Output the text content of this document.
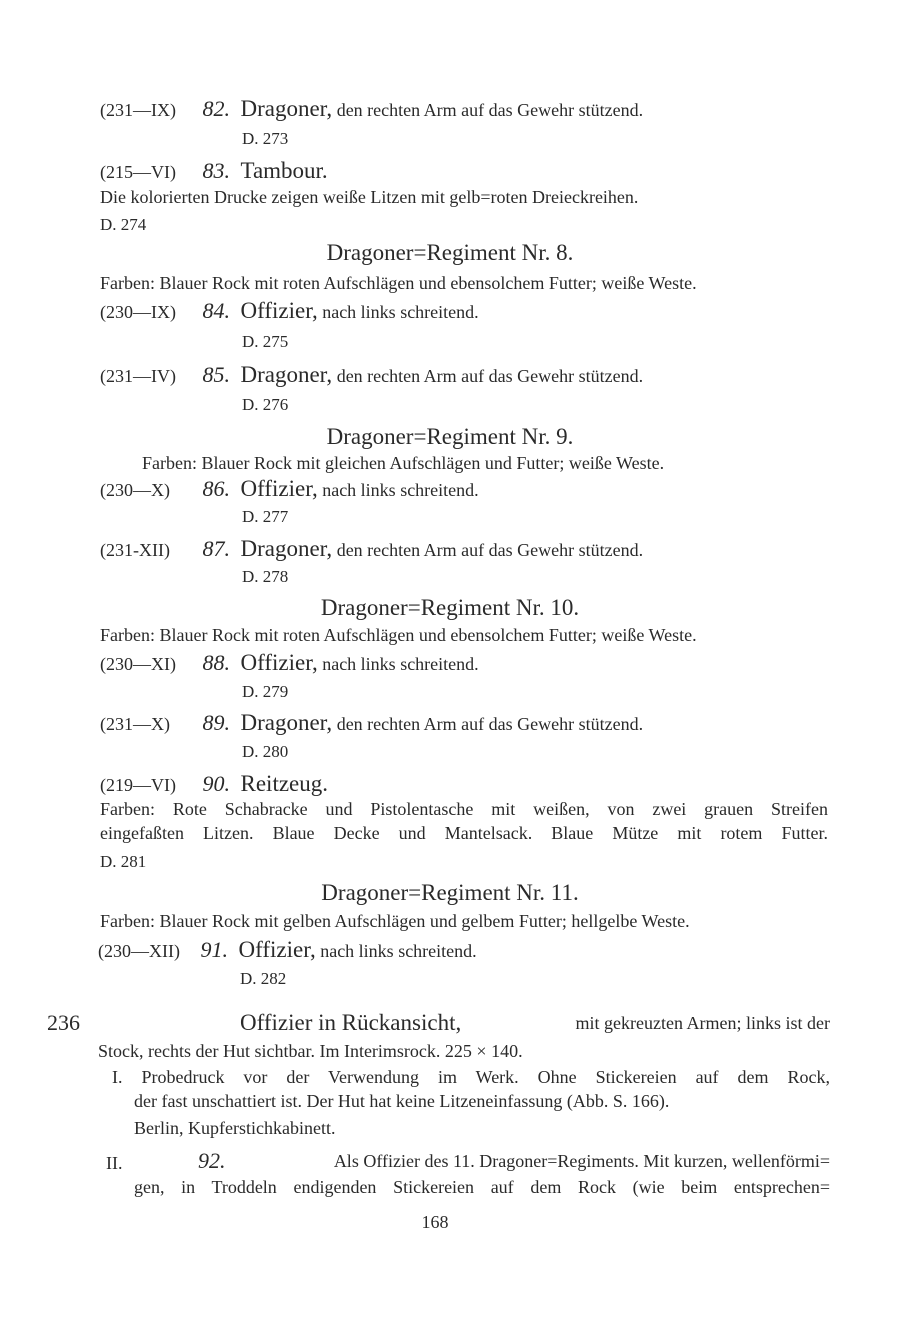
(231—IX) 82. Dragoner, den rechten Arm auf das Gewehr stützend.
D. 273
(215—VI) 83. Tambour.
Die kolorierten Drucke zeigen weiße Litzen mit gelb=roten Dreieckreihen.
D. 274
Dragoner=Regiment Nr. 8.
Farben: Blauer Rock mit roten Aufschlägen und ebensolchem Futter; weiße Weste.
(230—IX) 84. Offizier, nach links schreitend.
D. 275
(231—IV) 85. Dragoner, den rechten Arm auf das Gewehr stützend.
D. 276
Dragoner=Regiment Nr. 9.
Farben: Blauer Rock mit gleichen Aufschlägen und Futter; weiße Weste.
(230—X) 86. Offizier, nach links schreitend.
D. 277
(231-XII) 87. Dragoner, den rechten Arm auf das Gewehr stützend.
D. 278
Dragoner=Regiment Nr. 10.
Farben: Blauer Rock mit roten Aufschlägen und ebensolchem Futter; weiße Weste.
(230—XI) 88. Offizier, nach links schreitend.
D. 279
(231—X) 89. Dragoner, den rechten Arm auf das Gewehr stützend.
D. 280
(219—VI) 90. Reitzeug.
Farben: Rote Schabracke und Pistolentasche mit weißen, von zwei grauen Streifen
eingefaßten Litzen. Blaue Decke und Mantelsack. Blaue Mütze mit rotem Futter.
D. 281
Dragoner=Regiment Nr. 11.
Farben: Blauer Rock mit gelben Aufschlägen und gelbem Futter; hellgelbe Weste.
(230—XII) 91. Offizier, nach links schreitend.
D. 282
236	Offizier in Rückansicht,	mit gekreuzten Armen; links ist der
Stock, rechts der Hut sichtbar. Im Interimsrock. 225 × 140.
I. Probedruck vor der Verwendung im Werk. Ohne Stickereien auf dem Rock,
der fast unschattiert ist. Der Hut hat keine Litzeneinfassung (Abb. S. 166).
Berlin, Kupferstichkabinett.
II.	92.	Als Offizier des 11. Dragoner=Regiments. Mit kurzen, wellenförmi=
gen, in Troddeln endigenden Stickereien auf dem Rock (wie beim entsprechen=
168
